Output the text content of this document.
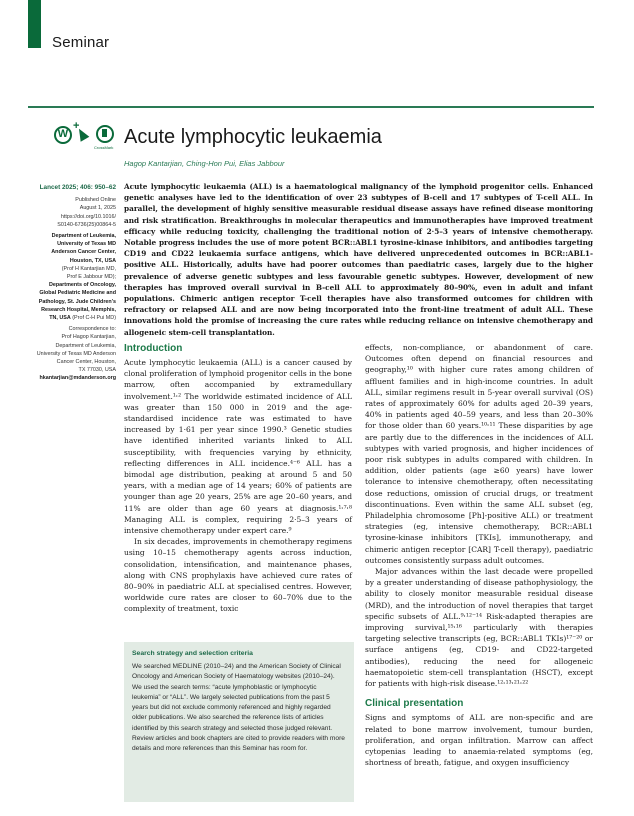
Seminar
W
+
CrossMark Acute lymphocytic leukaemia
Hagop Kantarjian, Ching-Hon Pui, Elias Jabbour
Lancet 2025; 406: 950–62
Published Online
August 1, 2025
https://doi.org/10.1016/
S0140-6736(25)00864-5
Department of Leukemia,
University of Texas MD
Anderson Cancer Center,
Houston, TX, USA
(Prof H Kantarjian MD,
Prof E Jabbour MD);
Departments of Oncology,
Global Pediatric Medicine and
Pathology, St. Jude Children's
Research Hospital, Memphis,
TN, USA (Prof C-H Pui MD)
Correspondence to:
Prof Hagop Kantarjian,
Department of Leukemia,
University of Texas MD Anderson
Cancer Center, Houston,
TX 77030, USA
hkantarjian@mdanderson.org
Acute lymphocytic leukaemia (ALL) is a haematological malignancy of the lymphoid progenitor cells. Enhanced genetic analyses have led to the identification of over 23 subtypes of B-cell and 17 subtypes of T-cell ALL. In parallel, the development of highly sensitive measurable residual disease assays have refined disease monitoring and risk stratification. Breakthroughs in molecular therapeutics and immunotherapies have improved treatment efficacy while reducing toxicity, challenging the traditional notion of 2·5–3 years of intensive chemotherapy. Notable progress includes the use of more potent BCR::ABL1 tyrosine-kinase inhibitors, and antibodies targeting CD19 and CD22 leukaemia surface antigens, which have delivered unprecedented outcomes in BCR::ABL1-positive ALL. Historically, adults have had poorer outcomes than paediatric cases, largely due to the higher prevalence of adverse genetic subtypes and less favourable genetic subtypes. However, development of new therapies has improved overall survival in B-cell ALL to approximately 80–90%, even in adult and infant populations. Chimeric antigen receptor T-cell therapies have also transformed outcomes for children with refractory or relapsed ALL and are now being incorporated into the front-line treatment of adult ALL. These innovations hold the promise of increasing the cure rates while reducing reliance on intensive chemotherapy and allogeneic stem-cell transplantation.
Introduction

Acute lymphocytic leukaemia (ALL) is a cancer caused by clonal proliferation of lymphoid progenitor cells in the bone marrow, often accompanied by extramedullary involvement.¹˒² The worldwide estimated incidence of ALL was greater than 150 000 in 2019 and the age-standardised incidence rate was estimated to have increased by 1·61 per year since 1990.³ Genetic studies have identified inherited variants linked to ALL susceptibility, with frequencies varying by ethnicity, reflecting differences in ALL incidence.⁴⁻⁶ ALL has a bimodal age distribution, peaking at around 5 and 50 years, with a median age of 14 years; 60% of patients are younger than age 20 years, 25% are age 20–60 years, and 11% are older than age 60 years at diagnosis.¹˒⁷˒⁸ Managing ALL is complex, requiring 2·5–3 years of intensive chemotherapy under expert care.⁹

In six decades, improvements in chemotherapy regimens using 10–15 chemotherapy agents across induction, consolidation, intensification, and maintenance phases, along with CNS prophylaxis have achieved cure rates of 80–90% in paediatric ALL at specialised centres. However, worldwide cure rates are closer to 60–70% due to the complexity of treatment, toxic

Search strategy and selection criteria
We searched MEDLINE (2010–24) and the American Society of Clinical Oncology and American Society of Haematology websites (2010–24). We used the search terms: “acute lymphoblastic or lymphocytic leukemia” or “ALL”. We largely selected publications from the past 5 years but did not exclude commonly referenced and highly regarded older publications. We also searched the reference lists of articles identified by this search strategy and selected those judged relevant. Review articles and book chapters are cited to provide readers with more details and more references than this Seminar has room for.

effects, non-compliance, or abandonment of care. Outcomes often depend on financial resources and geography,¹⁰ with higher cure rates among children of affluent families and in high-income countries. In adult ALL, similar regimens result in 5-year overall survival (OS) rates of approximately 60% for adults aged 20–39 years, 40% in patients aged 40–59 years, and less than 20–30% for those older than 60 years.¹⁰˒¹¹ These disparities by age are partly due to the differences in the incidences of ALL subtypes with varied prognosis, and higher incidences of poor risk subtypes in adults compared with children. In addition, older patients (age ≥60 years) have lower tolerance to intensive chemotherapy, often necessitating dose reductions, omission of crucial drugs, or treatment discontinuations. Even within the same ALL subset (eg, Philadelphia chromosome [Ph]-positive ALL) or treatment strategies (eg, intensive chemotherapy, BCR::ABL1 tyrosine-kinase inhibitors [TKIs], immunotherapy, and chimeric antigen receptor [CAR] T-cell therapy), paediatric outcomes consistently surpass adult outcomes.

Major advances within the last decade were propelled by a greater understanding of disease pathophysiology, the ability to closely monitor measurable residual disease (MRD), and the introduction of novel therapies that target specific subsets of ALL.⁹˒¹²⁻¹⁴ Risk-adapted therapies are improving survival,¹⁵˒¹⁶ particularly with therapies targeting selective transcripts (eg, BCR::ABL1 TKIs)¹⁷⁻²⁰ or surface antigens (eg, CD19- and CD22-targeted antibodies), reducing the need for allogeneic haematopoietic stem-cell transplantation (HSCT), except for patients with high-risk disease.¹²˒¹³˒²¹˒²²

Clinical presentation

Signs and symptoms of ALL are non-specific and are related to bone marrow involvement, tumour burden, proliferation, and organ infiltration. Marrow can affect cytopenias leading to anaemia-related symptoms (eg, shortness of breath, fatigue, and oxygen insufficiency
